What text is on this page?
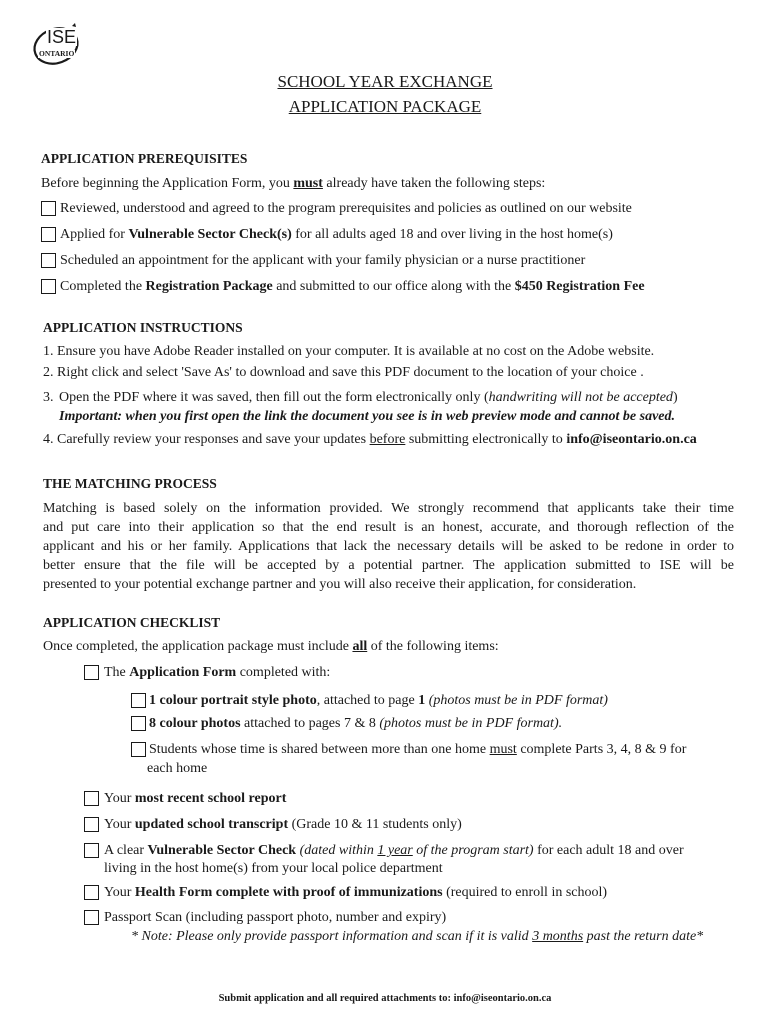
ISE
ONTARIO
SCHOOL YEAR EXCHANGE
APPLICATION PACKAGE
APPLICATION PREREQUISITES
Before beginning the Application Form, you must already have taken the following steps:
Reviewed, understood and agreed to the program prerequisites and policies as outlined on our website
Applied for Vulnerable Sector Check(s) for all adults aged 18 and over living in the host home(s)
Scheduled an appointment for the applicant with your family physician or a nurse practitioner
Completed the Registration Package and submitted to our office along with the $450 Registration Fee
APPLICATION INSTRUCTIONS
1. Ensure you have Adobe Reader installed on your computer. It is available at no cost on the Adobe website.
2. Right click and select 'Save As' to download and save this PDF document to the location of your choice .
3. Open the PDF where it was saved, then fill out the form electronically only (handwriting will not be accepted)
Important: when you first open the link the document you see is in web preview mode and cannot be saved.
4. Carefully review your responses and save your updates before submitting electronically to info@iseontario.on.ca
THE MATCHING PROCESS
Matching is based solely on the information provided. We strongly recommend that applicants take their time
and put care into their application so that the end result is an honest, accurate, and thorough reflection of the
applicant and his or her family. Applications that lack the necessary details will be asked to be redone in order to
better ensure that the file will be accepted by a potential partner. The application submitted to ISE will be
presented to your potential exchange partner and you will also receive their application, for consideration.
APPLICATION CHECKLIST
Once completed, the application package must include all of the following items:
The Application Form completed with:
1 colour portrait style photo, attached to page 1 (photos must be in PDF format)
8 colour photos attached to pages 7 & 8 (photos must be in PDF format).
Students whose time is shared between more than one home must complete Parts 3, 4, 8 & 9 for
each home
Your most recent school report
Your updated school transcript (Grade 10 & 11 students only)
A clear Vulnerable Sector Check (dated within 1 year of the program start) for each adult 18 and over
living in the host home(s) from your local police department
Your Health Form complete with proof of immunizations (required to enroll in school)
Passport Scan (including passport photo, number and expiry)
* Note: Please only provide passport information and scan if it is valid 3 months past the return date*
Submit application and all required attachments to: info@iseontario.on.ca
